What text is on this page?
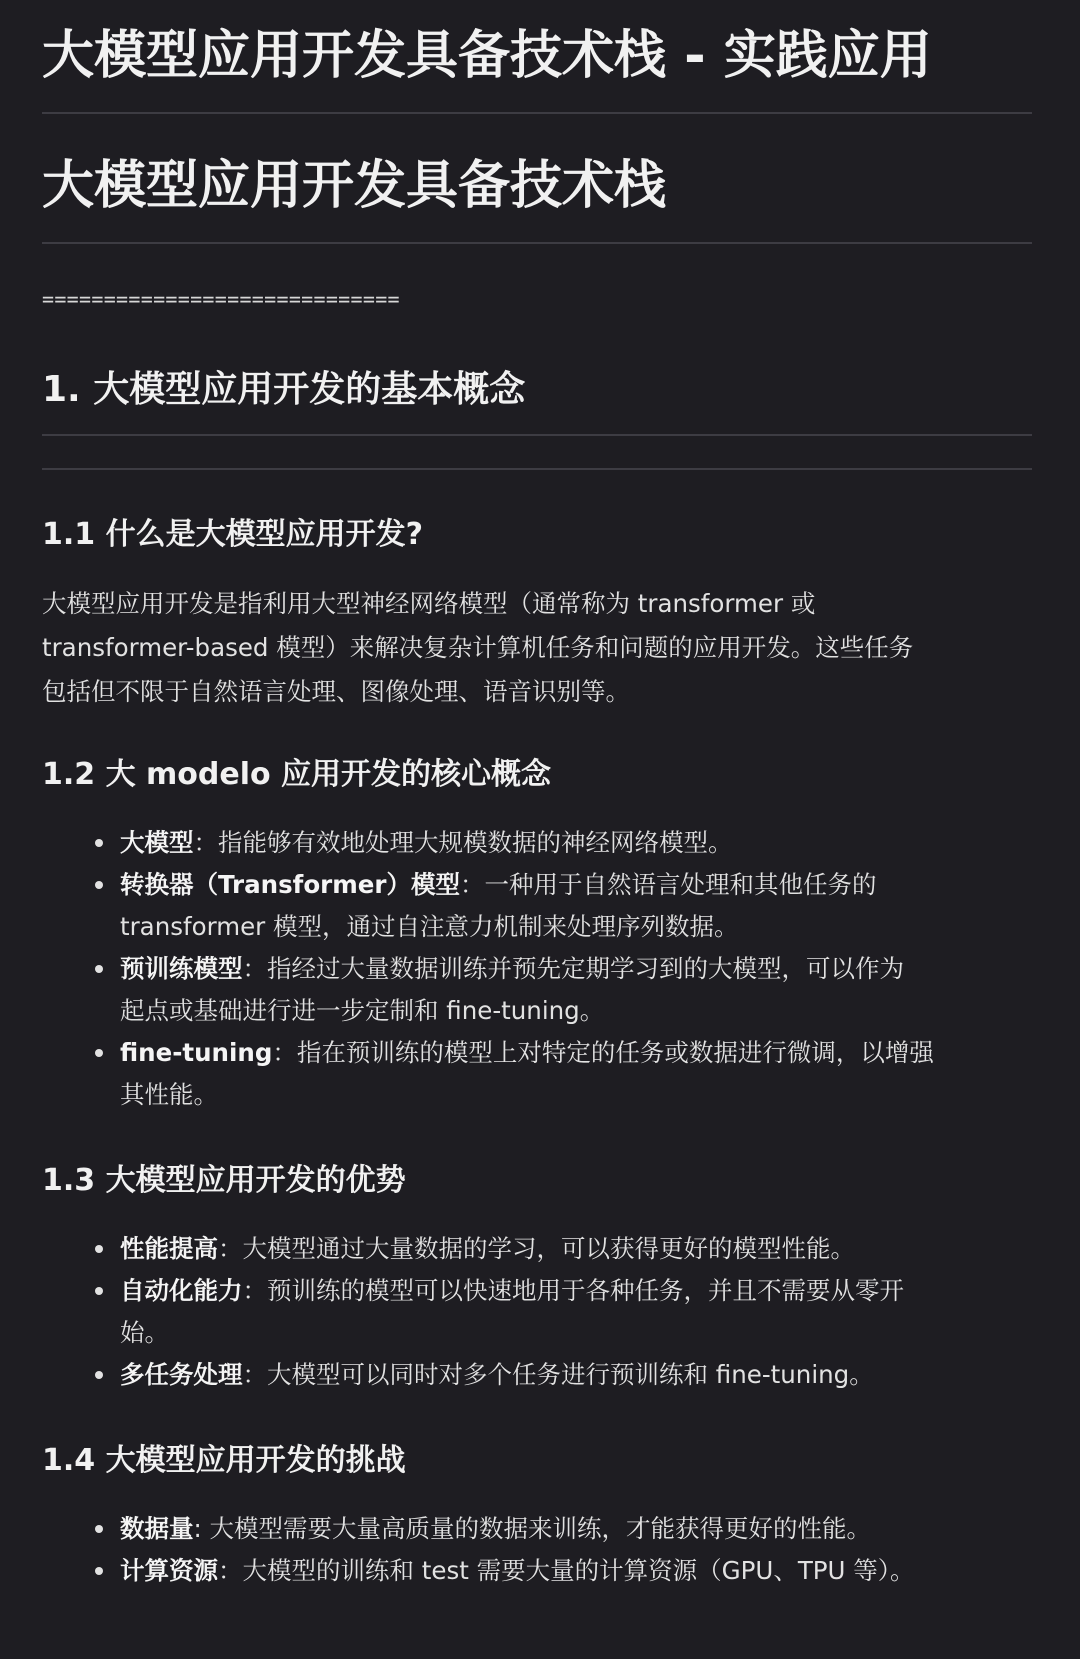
大模型应用开发具备技术栈 - 实践应用
大模型应用开发具备技术栈
=============================
1. 大模型应用开发的基本概念
1.1 什么是大模型应用开发?

大模型应用开发是指利用大型神经网络模型（通常称为 transformer 或
transformer-based 模型）来解决复杂计算机任务和问题的应用开发。这些任务
包括但不限于自然语言处理、图像处理、语音识别等。

1.2 大 modelo 应用开发的核心概念
大模型：指能够有效地处理大规模数据的神经网络模型。
转换器（Transformer）模型：一种用于自然语言处理和其他任务的
transformer 模型，通过自注意力机制来处理序列数据。
预训练模型：指经过大量数据训练并预先定期学习到的大模型，可以作为
起点或基础进行进一步定制和 fine-tuning。
fine-tuning：指在预训练的模型上对特定的任务或数据进行微调，以增强
其性能。
1.3 大模型应用开发的优势
性能提高：大模型通过大量数据的学习，可以获得更好的模型性能。
自动化能力：预训练的模型可以快速地用于各种任务，并且不需要从零开
始。
多任务处理：大模型可以同时对多个任务进行预训练和 fine-tuning。
1.4 大模型应用开发的挑战
数据量: 大模型需要大量高质量的数据来训练，才能获得更好的性能。
计算资源：大模型的训练和 test 需要大量的计算资源（GPU、TPU 等）。
